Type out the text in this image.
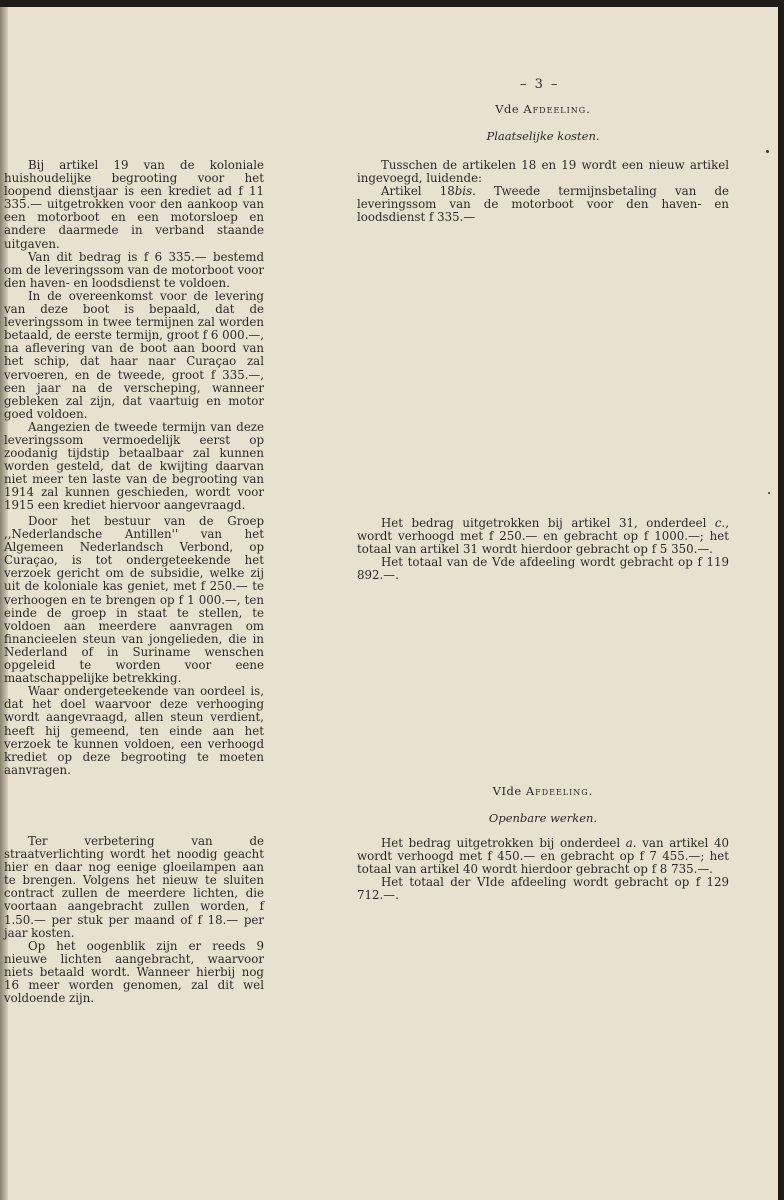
– 3 –

Bij artikel 19 van de koloniale huishoudelijke begrooting voor het loopend dienstjaar is een krediet ad f 11 335.— uitgetrokken voor den aankoop van een motorboot en een motorsloep en andere daarmede in verband staande uitgaven.

Van dit bedrag is f 6 335.— bestemd om de leveringssom van de motorboot voor den haven- en loodsdienst te voldoen.

In de overeenkomst voor de levering van deze boot is bepaald, dat de leveringssom in twee termijnen zal worden betaald, de eerste termijn, groot f 6 000.—, na aflevering van de boot aan boord van het schip, dat haar naar Curaçao zal vervoeren, en de tweede, groot f 335.—, een jaar na de verscheping, wanneer gebleken zal zijn, dat vaartuig en motor goed voldoen.

Aangezien de tweede termijn van deze leveringssom vermoedelijk eerst op zoodanig tijdstip betaalbaar zal kunnen worden gesteld, dat de kwijting daarvan niet meer ten laste van de begrooting van 1914 zal kunnen geschieden, wordt voor 1915 een krediet hiervoor aangevraagd.

Door het bestuur van de Groep ,,Nederlandsche Antillen'' van het Algemeen Nederlandsch Verbond, op Curaçao, is tot ondergeteekende het verzoek gericht om de subsidie, welke zij uit de koloniale kas geniet, met f 250.— te verhoogen en te brengen op f 1 000.—, ten einde de groep in staat te stellen, te voldoen aan meerdere aanvragen om financieelen steun van jongelieden, die in Nederland of in Suriname wenschen opgeleid te worden voor eene maatschappelijke betrekking.

Waar ondergeteekende van oordeel is, dat het doel waarvoor deze verhooging wordt aangevraagd, allen steun verdient, heeft hij gemeend, ten einde aan het verzoek te kunnen voldoen, een verhoogd krediet op deze begrooting te moeten aanvragen.

Ter verbetering van de straatverlichting wordt het noodig geacht hier en daar nog eenige gloeilampen aan te brengen. Volgens het nieuw te sluiten contract zullen de meerdere lichten, die voortaan aangebracht zullen worden, f 1.50.— per stuk per maand of f 18.— per jaar kosten.

Op het oogenblik zijn er reeds 9 nieuwe lichten aangebracht, waarvoor niets betaald wordt. Wanneer hierbij nog 16 meer worden genomen, zal dit wel voldoende zijn.

Vde Afdeeling.
Plaatselijke kosten.

Tusschen de artikelen 18 en 19 wordt een nieuw artikel ingevoegd, luidende:

Artikel 18bis. Tweede termijnsbetaling van de leveringssom van de motorboot voor den haven- en loodsdienst f 335.—

Het bedrag uitgetrokken bij artikel 31, onderdeel c., wordt verhoogd met f 250.— en gebracht op f 1000.—; het totaal van artikel 31 wordt hierdoor gebracht op f 5 350.—.

Het totaal van de Vde afdeeling wordt gebracht op f 119 892.—.

VIde Afdeeling.
Openbare werken.

Het bedrag uitgetrokken bij onderdeel a. van artikel 40 wordt verhoogd met f 450.— en gebracht op f 7 455.—; het totaal van artikel 40 wordt hierdoor gebracht op f 8 735.—.

Het totaal der VIde afdeeling wordt gebracht op f 129 712.—.
